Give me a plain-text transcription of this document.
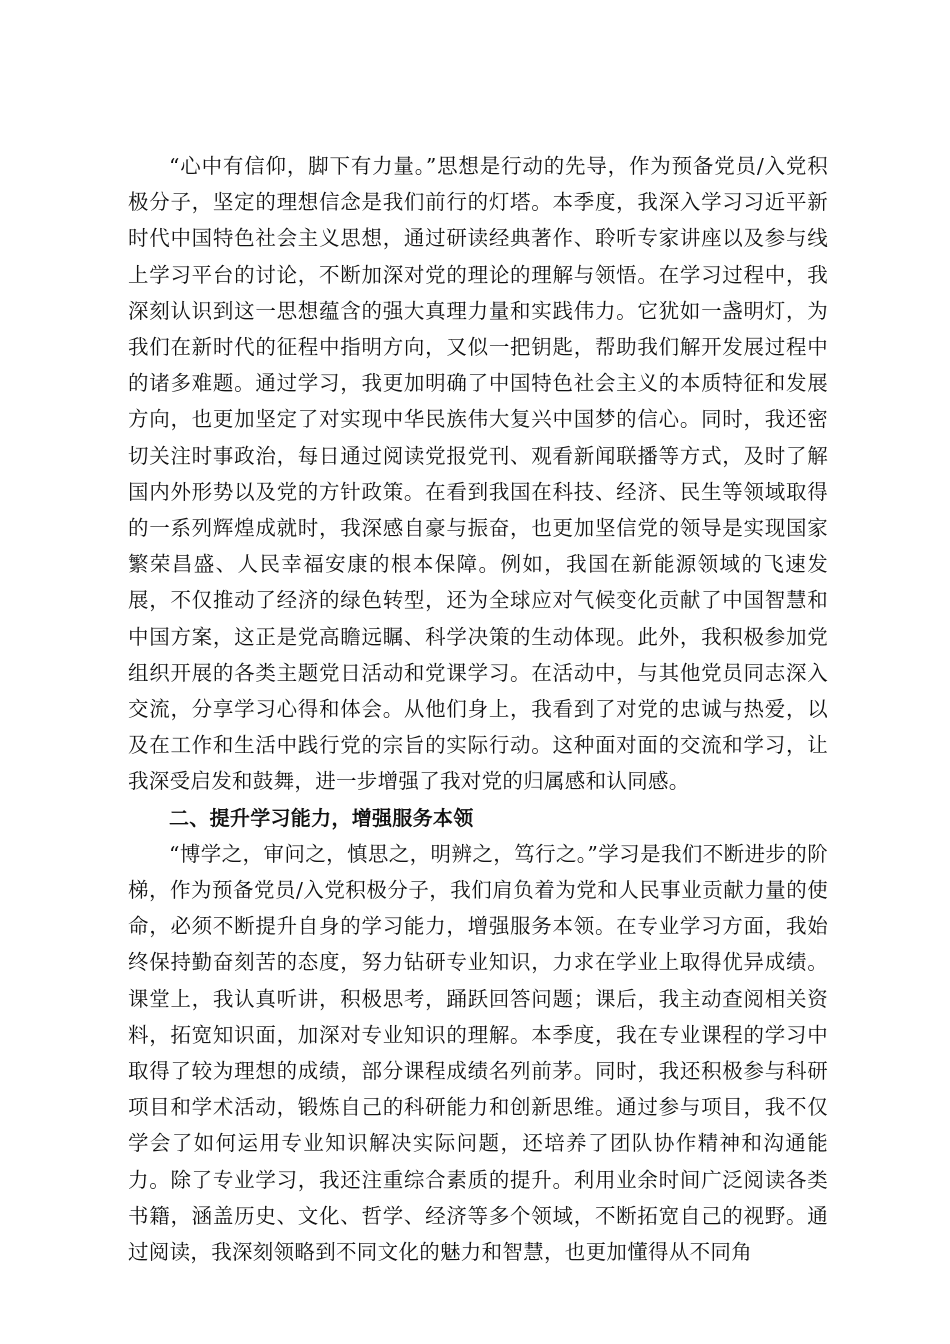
“心中有信仰，脚下有力量。”思想是行动的先导，作为预备党员/入党积极分子，坚定的理想信念是我们前行的灯塔。本季度，我深入学习习近平新时代中国特色社会主义思想，通过研读经典著作、聆听专家讲座以及参与线上学习平台的讨论，不断加深对党的理论的理解与领悟。在学习过程中，我深刻认识到这一思想蕴含的强大真理力量和实践伟力。它犹如一盏明灯，为我们在新时代的征程中指明方向，又似一把钥匙，帮助我们解开发展过程中的诸多难题。通过学习，我更加明确了中国特色社会主义的本质特征和发展方向，也更加坚定了对实现中华民族伟大复兴中国梦的信心。同时，我还密切关注时事政治，每日通过阅读党报党刊、观看新闻联播等方式，及时了解国内外形势以及党的方针政策。在看到我国在科技、经济、民生等领域取得的一系列辉煌成就时，我深感自豪与振奋，也更加坚信党的领导是实现国家繁荣昌盛、人民幸福安康的根本保障。例如，我国在新能源领域的飞速发展，不仅推动了经济的绿色转型，还为全球应对气候变化贡献了中国智慧和中国方案，这正是党高瞻远瞩、科学决策的生动体现。此外，我积极参加党组织开展的各类主题党日活动和党课学习。在活动中，与其他党员同志深入交流，分享学习心得和体会。从他们身上，我看到了对党的忠诚与热爱，以及在工作和生活中践行党的宗旨的实际行动。这种面对面的交流和学习，让我深受启发和鼓舞，进一步增强了我对党的归属感和认同感。

二、提升学习能力，增强服务本领

“博学之，审问之，慎思之，明辨之，笃行之。”学习是我们不断进步的阶梯，作为预备党员/入党积极分子，我们肩负着为党和人民事业贡献力量的使命，必须不断提升自身的学习能力，增强服务本领。在专业学习方面，我始终保持勤奋刻苦的态度，努力钻研专业知识，力求在学业上取得优异成绩。课堂上，我认真听讲，积极思考，踊跃回答问题；课后，我主动查阅相关资料，拓宽知识面，加深对专业知识的理解。本季度，我在专业课程的学习中取得了较为理想的成绩，部分课程成绩名列前茅。同时，我还积极参与科研项目和学术活动，锻炼自己的科研能力和创新思维。通过参与项目，我不仅学会了如何运用专业知识解决实际问题，还培养了团队协作精神和沟通能力。除了专业学习，我还注重综合素质的提升。利用业余时间广泛阅读各类书籍，涵盖历史、文化、哲学、经济等多个领域，不断拓宽自己的视野。通过阅读，我深刻领略到不同文化的魅力和智慧，也更加懂得从不同角
